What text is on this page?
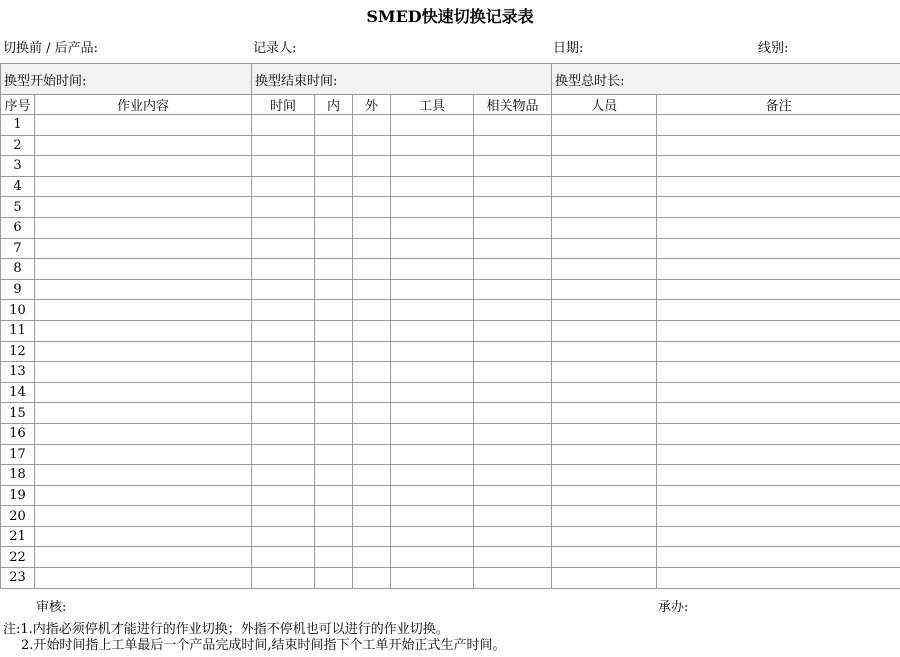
SMED快速切换记录表
切换前 / 后产品:	记录人:	日期:	线别:
换型开始时间:		换型结束时间:					换型总时长:	
序号	作业内容	时间	内	外	工具	相关物品	人员	备注
1								
2								
3								
4								
5								
6								
7								
8								
9								
10								
11								
12								
13								
14								
15								
16								
17								
18								
19								
20								
21								
22								
23								
审核:	承办:
注:1.内指必须停机才能进行的作业切换；外指不停机也可以进行的作业切换。
2.开始时间指上工单最后一个产品完成时间,结束时间指下个工单开始正式生产时间。
